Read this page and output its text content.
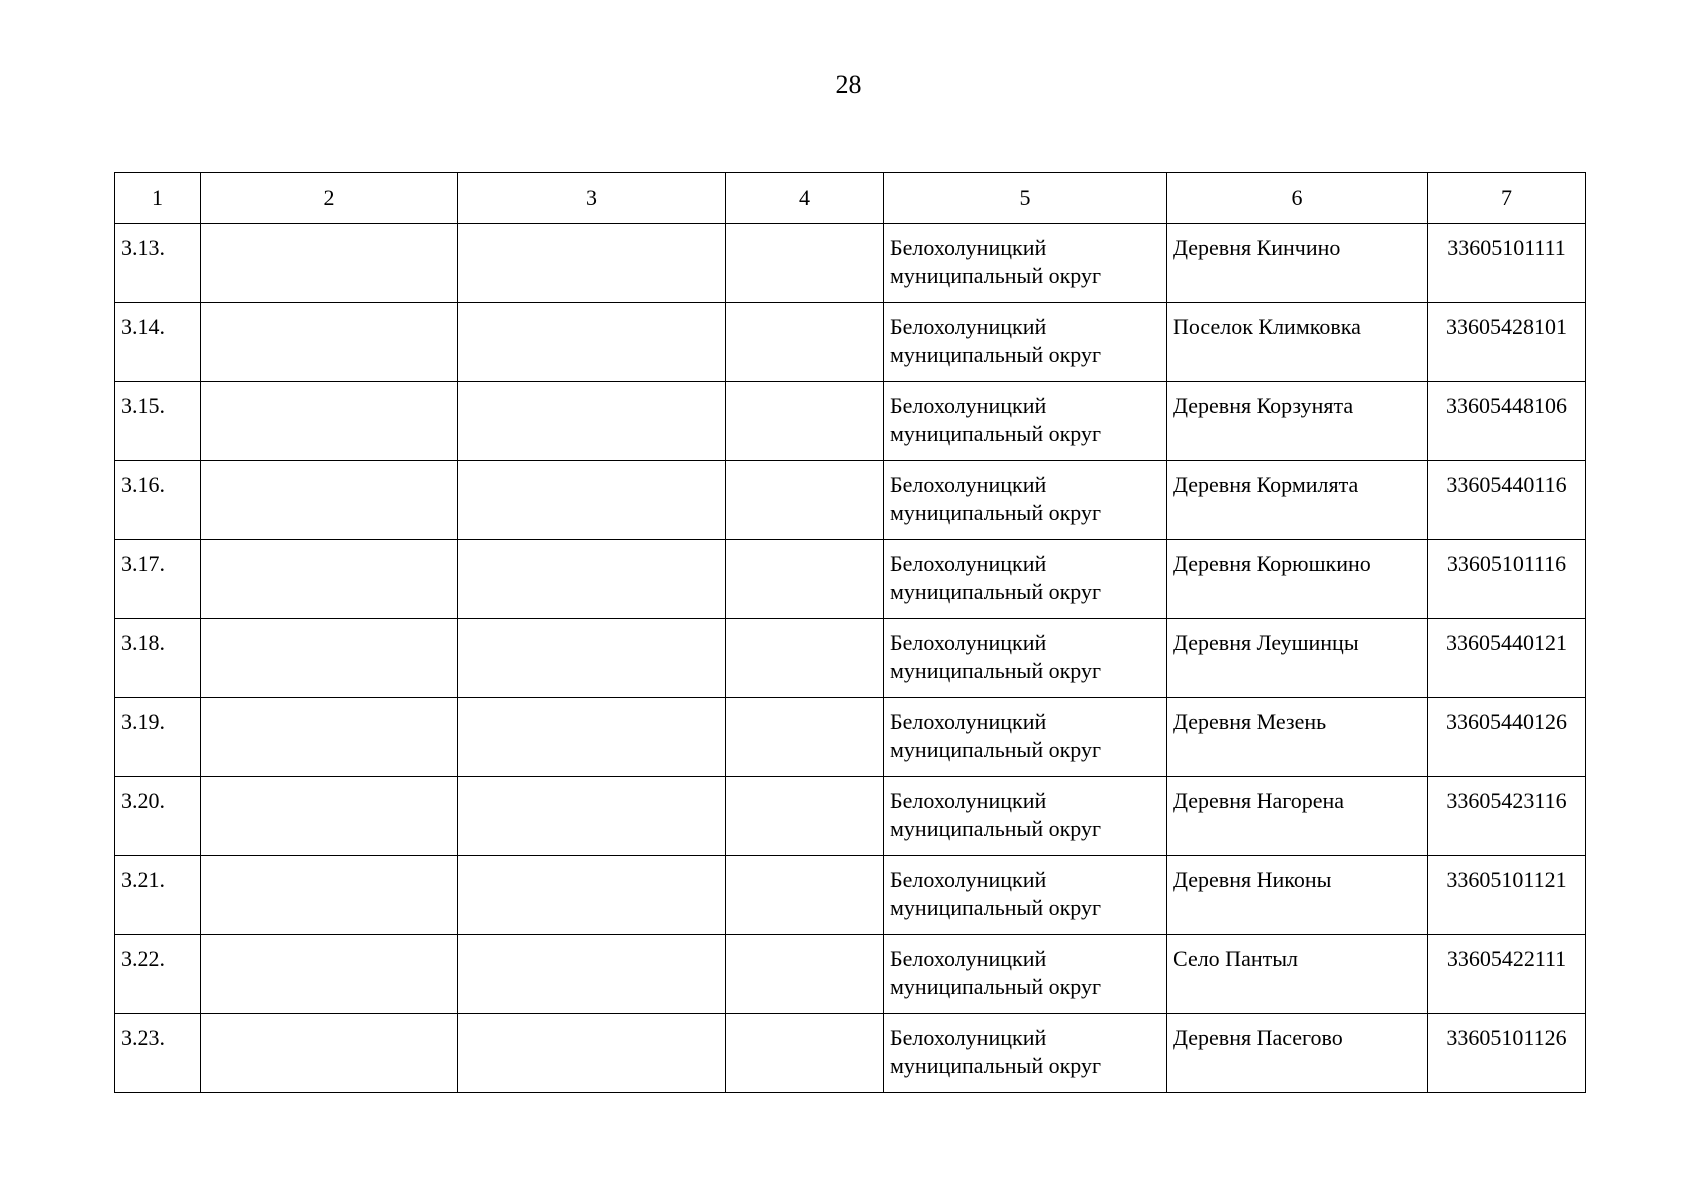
28
1	2	3	4	5	6	7
3.13.				Белохолуницкий
муниципальный округ	Деревня Кинчино	33605101111
3.14.				Белохолуницкий
муниципальный округ	Поселок Климковка	33605428101
3.15.				Белохолуницкий
муниципальный округ	Деревня Корзунята	33605448106
3.16.				Белохолуницкий
муниципальный округ	Деревня Кормилята	33605440116
3.17.				Белохолуницкий
муниципальный округ	Деревня Корюшкино	33605101116
3.18.				Белохолуницкий
муниципальный округ	Деревня Леушинцы	33605440121
3.19.				Белохолуницкий
муниципальный округ	Деревня Мезень	33605440126
3.20.				Белохолуницкий
муниципальный округ	Деревня Нагорена	33605423116
3.21.				Белохолуницкий
муниципальный округ	Деревня Никоны	33605101121
3.22.				Белохолуницкий
муниципальный округ	Село Пантыл	33605422111
3.23.				Белохолуницкий
муниципальный округ	Деревня Пасегово	33605101126
